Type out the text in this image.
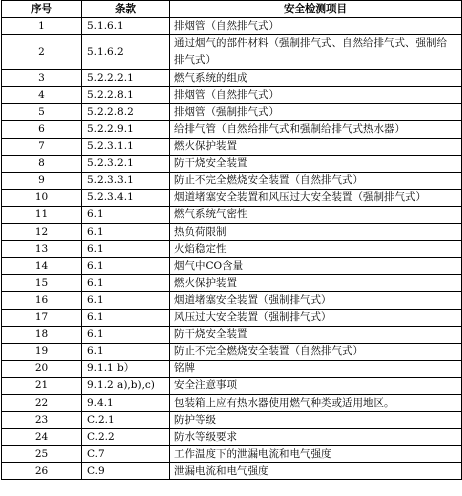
序号	条款	安全检测项目
1	5.1.6.1	排烟管（自然排气式）
2	5.1.6.2	通过烟气的部件材料（强制排气式、自然给排气式、强制给排气式）
3	5.2.2.2.1	燃气系统的组成
4	5.2.2.8.1	排烟管（自然排气式）
5	5.2.2.8.2	排烟管（强制排气式）
6	5.2.2.9.1	给排气管（自然给排气式和强制给排气式热水器）
7	5.2.3.1.1	燃火保护装置
8	5.2.3.2.1	防干烧安全装置
9	5.2.3.3.1	防止不完全燃烧安全装置（自然排气式）
10	5.2.3.4.1	烟道堵塞安全装置和风压过大安全装置（强制排气式）
11	6.1	燃气系统气密性
12	6.1	热负荷限制
13	6.1	火焰稳定性
14	6.1	烟气中CO含量
15	6.1	燃火保护装置
16	6.1	烟道堵塞安全装置（强制排气式）
17	6.1	风压过大安全装置（强制排气式）
18	6.1	防干烧安全装置
19	6.1	防止不完全燃烧安全装置（自然排气式）
20	9.1.1 b）	铭牌
21	9.1.2 a),b),c)	安全注意事项
22	9.4.1	包装箱上应有热水器使用燃气种类或适用地区。
23	C.2.1	防护等级
24	C.2.2	防水等级要求
25	C.7	工作温度下的泄漏电流和电气强度
26	C.9	泄漏电流和电气强度
